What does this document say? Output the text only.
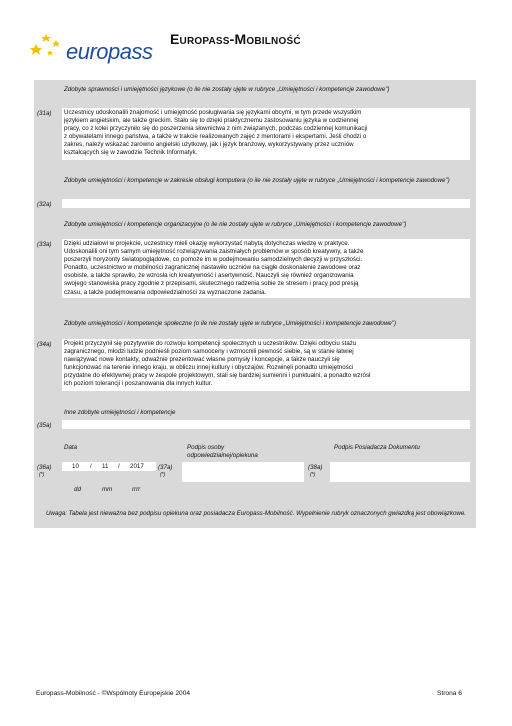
europass Europass-Mobilność
Zdobyte sprawności i umiejętności językowe (o ile nie zostały ujęte w rubryce „Umiejętności i kompetencje zawodowe")
(31a) Uczestnicy udoskonalili znajomość i umiejętność posługiwania się językami obcymi, w tym przede wszystkim
językiem angielskim, ale także greckim. Stało się to dzięki praktycznemu zastosowaniu języka w codziennej
pracy, co z kolei przyczyniło się do poszerzenia słownictwa z nim związanych, podczas codziennej komunikacji
z obywatelami innego państwa, a także w trakcie realizowanych zajęć z mentorami i ekspertami. Jeśli chodzi o
zakres, należy wskazać zarówno angielski użytkowy, jak i język branżowy, wykorzystywany przez uczniów
kształcących się w zawodzie Technik Informatyk.
Zdobyte umiejętności i kompetencje w zakresie obsługi komputera (o ile nie zostały ujęte w rubryce „Umiejętności i kompetencje zawodowe")
(32a)
Zdobyte umiejętności i kompetencje organizacyjne (o ile nie zostały ujęte w rubryce „Umiejętności i kompetencje zawodowe")
(33a) Dzięki udziałowi w projekcie, uczestnicy mieli okazję wykorzystać nabytą dotychczas wiedzę w praktyce.
Udoskonalili oni tym samym umiejętność rozwiązywania zaistniałych problemów w sposób kreatywny, a także
poszerzyli horyzonty światopoglądowe, co pomoże im w podejmowaniu samodzielnych decyzji w przyszłości.
Ponadto, uczestnictwo w mobilności zagranicznej nastawiło uczniów na ciągłe doskonalenie zawodowe oraz
osobiste, a także sprawiło, że wzrosła ich kreatywność i asertywność. Nauczyli się również organizowania
swojego stanowiska pracy zgodnie z przepisami, skutecznego radzenia sobie ze stresem i pracy pod presją
czasu, a także podejmowania odpowiedzialności za wyznaczone zadania.
Zdobyte umiejętności i kompetencje społeczne (o ile nie zostały ujęte w rubryce „Umiejętności i kompetencje zawodowe")
(34a) Projekt przyczynił się pozytywnie do rozwoju kompetencji społecznych u uczestników. Dzięki odbyciu stażu
zagranicznego, młodzi ludzie podnieśli poziom samooceny i wzmocnili pewność siebie, są w stanie łatwiej
nawiązywać nowe kontakty, odważnie prezentować własne pomysły i koncepcje, a także nauczyli się
funkcjonować na terenie innego kraju, w obliczu innej kultury i obyczajów. Rozwinęli ponadto umiejętności
przydatne do efektywnej pracy w zespole projektowym, stali się bardziej sumienni i punktualni, a ponadto wzrósł
ich poziom tolerancji i poszanowania dla innych kultur.
Inne zdobyte umiejętności i kompetencje
(35a)
Data	Podpis osoby odpowiedzialnej/opiekuna
Podpis Posiadacza Dokumentu
(36a)
(*)
10 / 11 / 2017 (37a)
(*)
(38a)
(*)
dd	mm	rrrr
Uwaga: Tabela jest nieważna bez podpisu opiekuna oraz posiadacza Europass-Mobilność. Wypełnienie rubryk oznaczonych gwiazdką jest obowiązkowe.
Europass-Mobilność - ©Wspólnoty Europejskie 2004	Strona 6
